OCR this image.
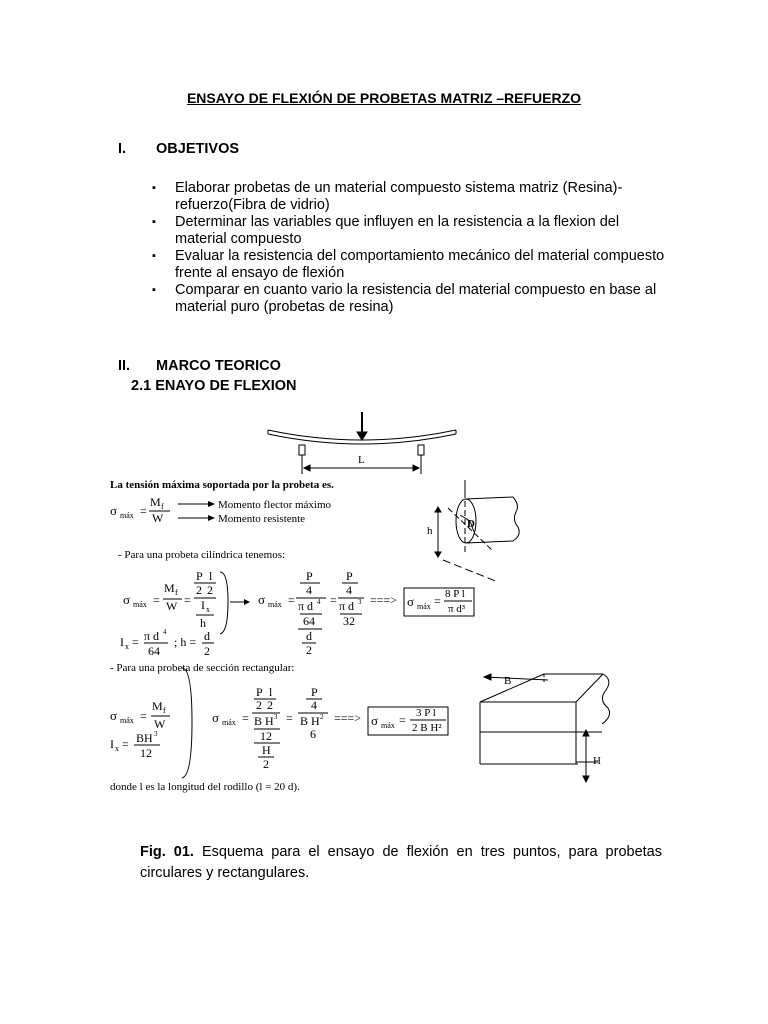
ENSAYO DE FLEXIÓN DE PROBETAS MATRIZ –REFUERZO
I. OBJETIVOS
▪ Elaborar probetas de un material compuesto sistema matriz (Resina)-refuerzo(Fibra de vidrio)
▪ Determinar las variables que influyen en la resistencia a la flexion del material compuesto
▪ Evaluar la resistencia del comportamiento mecánico del material compuesto frente al ensayo de flexión
▪ Comparar en cuanto vario la resistencia del material compuesto en base al material puro (probetas de resina)
II. MARCO TEORICO
2.1 ENAYO DE FLEXION
L
La tensión máxima soportada por la probeta es.
σ máx =
M f
W
Momento flector máximo
Momento resistente
h
D
- Para una probeta cilíndrica tenemos:
σ máx =
M f
W =
P l
2 2
I x
h
σ máx =
P
4
π d 4
64
d
2
=
P
4
π d 3
32
===> σ máx = 8 P l
π d³
I x = π d 4
64
; h = d
2
- Para una probeta de sección rectangular:
σ máx =
M f
W
I x = BH 3
12
σ máx =
P l
2 2
B H 3
12
H
2
=
P
4
B H 2
6
===> σ máx = 3 P l
2 B H²
B
H
donde l es la longitud del rodillo (l = 20 d).
Fig. 01. Esquema para el ensayo de flexión en tres puntos, para probetas circulares y rectangulares.
